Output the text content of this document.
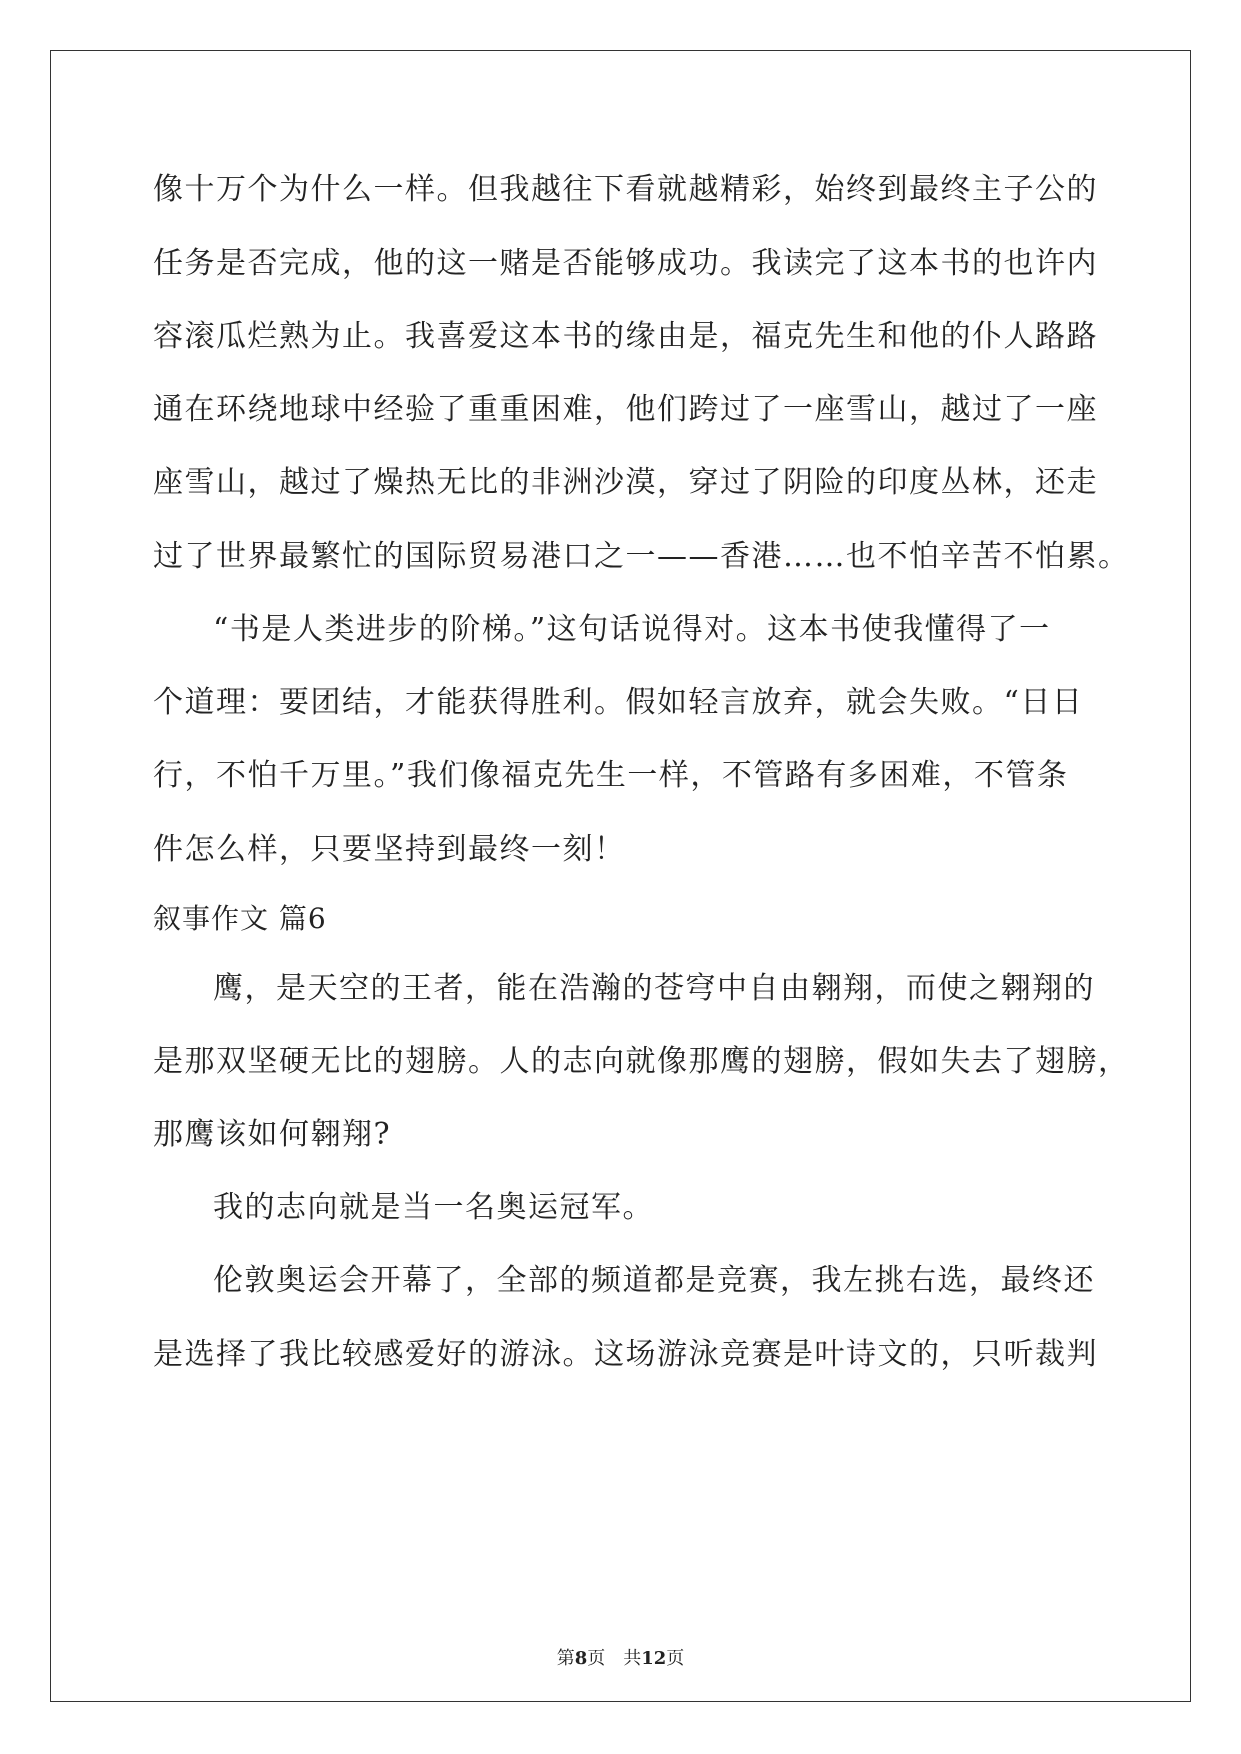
像十万个为什么一样。但我越往下看就越精彩，始终到最终主子公的
任务是否完成，他的这一赌是否能够成功。我读完了这本书的也许内
容滚瓜烂熟为止。我喜爱这本书的缘由是，福克先生和他的仆人路路
通在环绕地球中经验了重重困难，他们跨过了一座雪山，越过了一座
座雪山，越过了燥热无比的非洲沙漠，穿过了阴险的印度丛林，还走
过了世界最繁忙的国际贸易港口之一——香港……也不怕辛苦不怕累。
“书是人类进步的阶梯。”这句话说得对。这本书使我懂得了一
个道理：要团结，才能获得胜利。假如轻言放弃，就会失败。“日日
行，不怕千万里。”我们像福克先生一样，不管路有多困难，不管条
件怎么样，只要坚持到最终一刻！
叙事作文 篇6
鹰，是天空的王者，能在浩瀚的苍穹中自由翱翔，而使之翱翔的
是那双坚硬无比的翅膀。人的志向就像那鹰的翅膀，假如失去了翅膀，
那鹰该如何翱翔?
我的志向就是当一名奥运冠军。
伦敦奥运会开幕了，全部的频道都是竞赛，我左挑右选，最终还
是选择了我比较感爱好的游泳。这场游泳竞赛是叶诗文的，只听裁判
第8页 共12页
